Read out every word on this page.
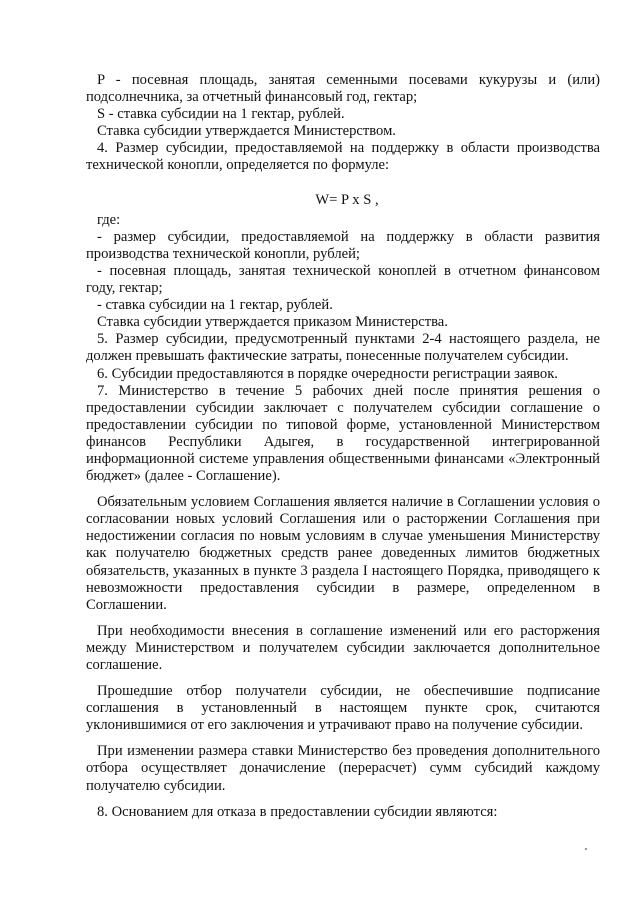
P - посевная площадь, занятая семенными посевами кукурузы и (или) подсолнечника, за отчетный финансовый год, гектар;

S - ставка субсидии на 1 гектар, рублей.

Ставка субсидии утверждается Министерством.

4. Размер субсидии, предоставляемой на поддержку в области производства технической конопли, определяется по формуле:

W= P x S ,

где:

- размер субсидии, предоставляемой на поддержку в области развития производства технической конопли, рублей;

- посевная площадь, занятая технической коноплей в отчетном финансовом году, гектар;

- ставка субсидии на 1 гектар, рублей.

Ставка субсидии утверждается приказом Министерства.

5. Размер субсидии, предусмотренный пунктами 2-4 настоящего раздела, не должен превышать фактические затраты, понесенные получателем субсидии.

6. Субсидии предоставляются в порядке очередности регистрации заявок.

7. Министерство в течение 5 рабочих дней после принятия решения о предоставлении субсидии заключает с получателем субсидии соглашение о предоставлении субсидии по типовой форме, установленной Министерством финансов Республики Адыгея, в государственной интегрированной информационной системе управления общественными финансами «Электронный бюджет» (далее - Соглашение).

Обязательным условием Соглашения является наличие в Соглашении условия о согласовании новых условий Соглашения или о расторжении Соглашения при недостижении согласия по новым условиям в случае уменьшения Министерству как получателю бюджетных средств ранее доведенных лимитов бюджетных обязательств, указанных в пункте 3 раздела I настоящего Порядка, приводящего к невозможности предоставления субсидии в размере, определенном в Соглашении.

При необходимости внесения в соглашение изменений или его расторжения между Министерством и получателем субсидии заключается дополнительное соглашение.

Прошедшие отбор получатели субсидии, не обеспечившие подписание соглашения в установленный в настоящем пункте срок, считаются уклонившимися от его заключения и утрачивают право на получение субсидии.

При изменении размера ставки Министерство без проведения дополнительного отбора осуществляет доначисление (перерасчет) сумм субсидий каждому получателю субсидии.

8. Основанием для отказа в предоставлении субсидии являются:
